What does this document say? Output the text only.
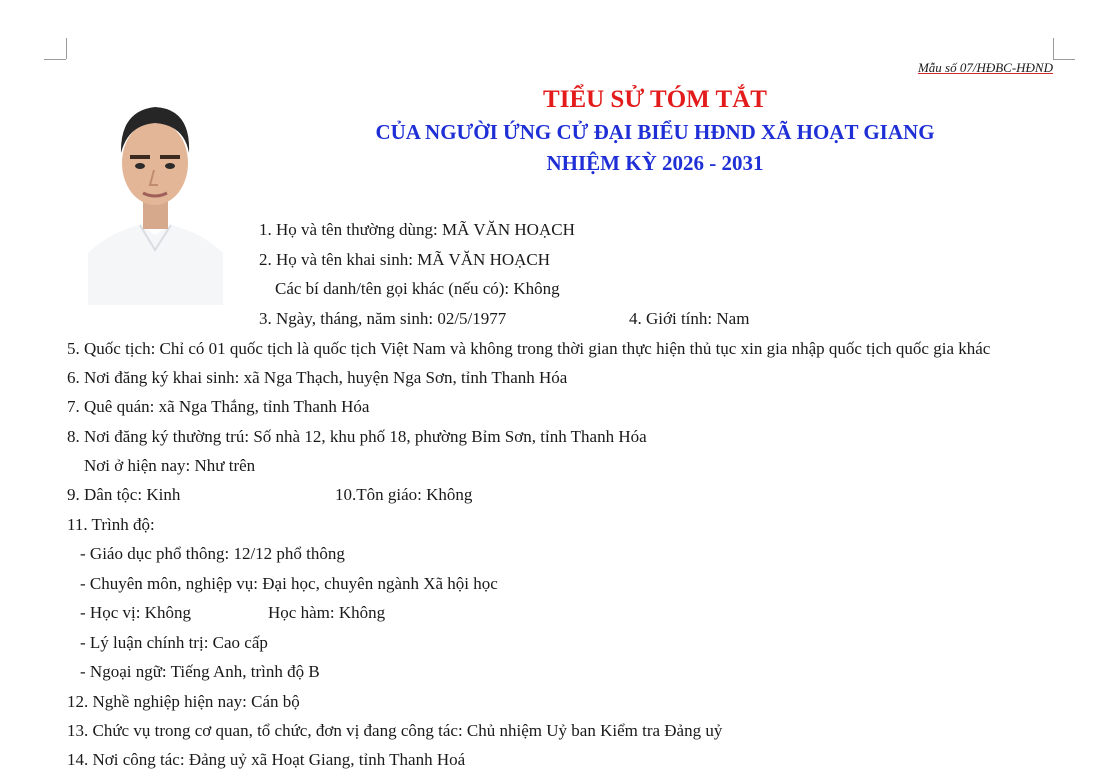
Mẫu số 07/HĐBC-HĐND
TIỂU SỬ TÓM TẮT
CỦA NGƯỜI ỨNG CỬ ĐẠI BIỂU HĐND XÃ HOẠT GIANG
NHIỆM KỲ 2026 - 2031
1. Họ và tên thường dùng: MÃ VĂN HOẠCH
2. Họ và tên khai sinh: MÃ VĂN HOẠCH
Các bí danh/tên gọi khác (nếu có): Không
3. Ngày, tháng, năm sinh: 02/5/1977	4. Giới tính: Nam
5. Quốc tịch: Chỉ có 01 quốc tịch là quốc tịch Việt Nam và không trong thời gian thực hiện thủ tục xin gia nhập quốc tịch quốc gia khác
6. Nơi đăng ký khai sinh: xã Nga Thạch, huyện Nga Sơn, tỉnh Thanh Hóa
7. Quê quán: xã Nga Thắng, tỉnh Thanh Hóa
8. Nơi đăng ký thường trú: Số nhà 12, khu phố 18, phường Bỉm Sơn, tỉnh Thanh Hóa
Nơi ở hiện nay: Như trên
9. Dân tộc: Kinh	10.Tôn giáo: Không
11. Trình độ:
- Giáo dục phổ thông: 12/12 phổ thông
- Chuyên môn, nghiệp vụ: Đại học, chuyên ngành Xã hội học
- Học vị: Không	Học hàm: Không
- Lý luận chính trị: Cao cấp
- Ngoại ngữ: Tiếng Anh, trình độ B
12. Nghề nghiệp hiện nay: Cán bộ
13. Chức vụ trong cơ quan, tổ chức, đơn vị đang công tác: Chủ nhiệm Uỷ ban Kiểm tra Đảng uỷ
14. Nơi công tác: Đảng uỷ xã Hoạt Giang, tỉnh Thanh Hoá
